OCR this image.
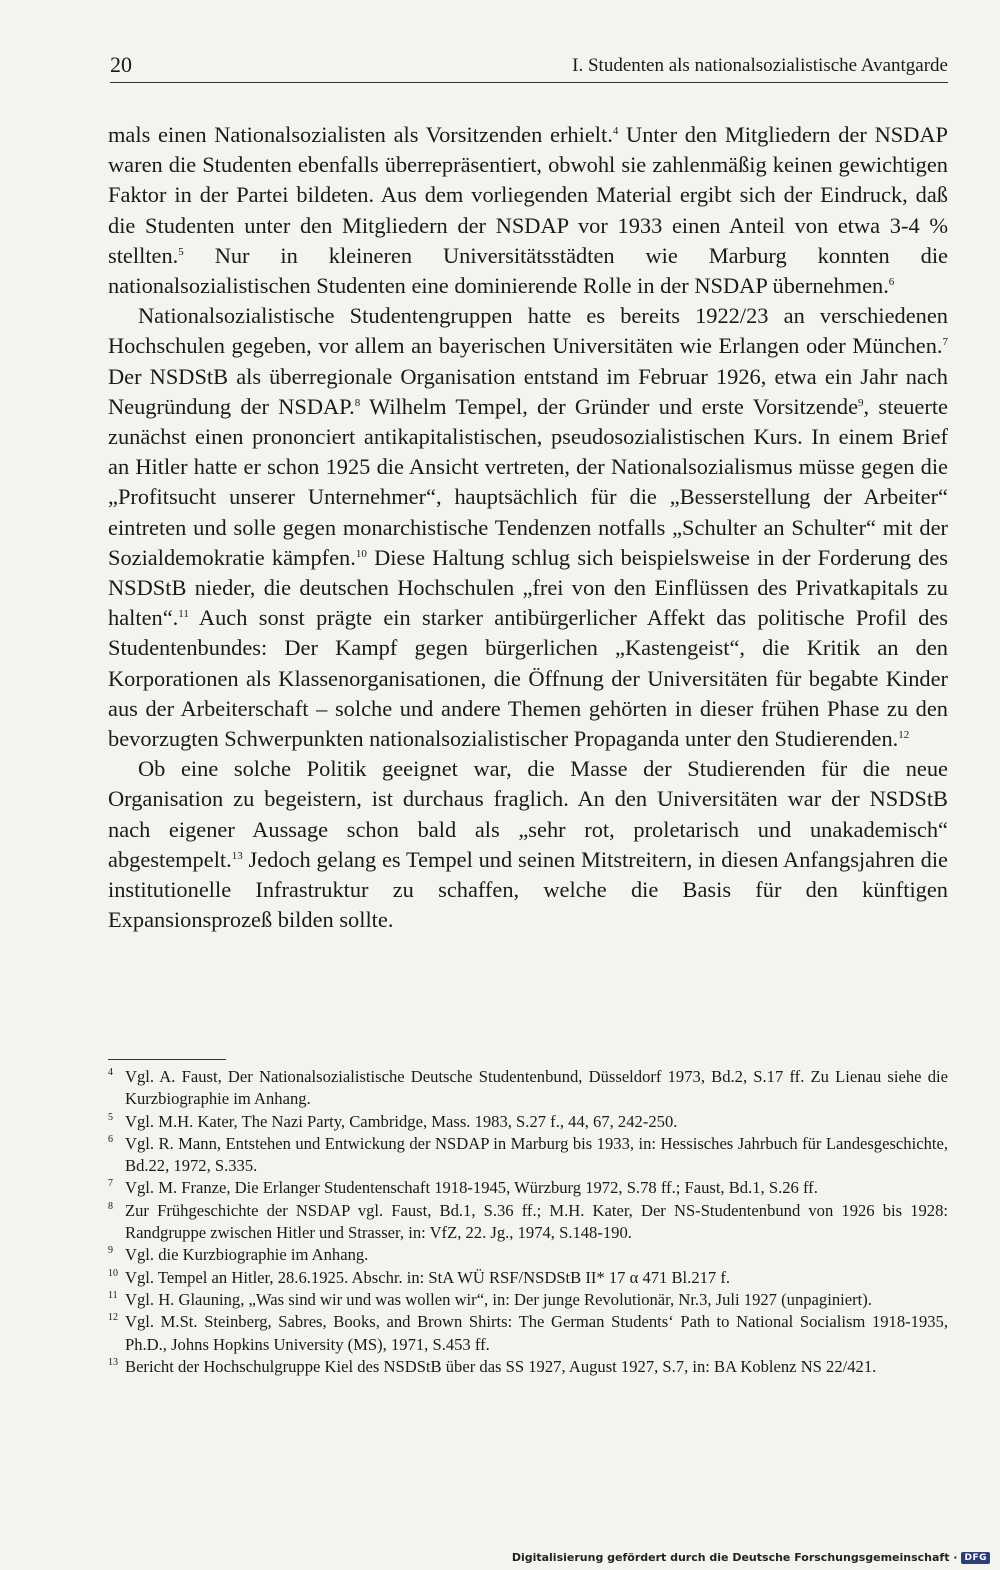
20	I. Studenten als nationalsozialistische Avantgarde

mals einen Nationalsozialisten als Vorsitzenden erhielt.$^4$ Unter den Mitgliedern der NSDAP waren die Studenten ebenfalls überrepräsentiert, obwohl sie zahlenmäßig keinen gewichtigen Faktor in der Partei bildeten. Aus dem vorliegenden Material ergibt sich der Eindruck, daß die Studenten unter den Mitgliedern der NSDAP vor 1933 einen Anteil von etwa 3-4 % stellten.$^5$ Nur in kleineren Universitätsstädten wie Marburg konnten die nationalsozialistischen Studenten eine dominierende Rolle in der NSDAP übernehmen.$^6$

Nationalsozialistische Studentengruppen hatte es bereits 1922/23 an verschiedenen Hochschulen gegeben, vor allem an bayerischen Universitäten wie Erlangen oder München.$^7$ Der NSDStB als überregionale Organisation entstand im Februar 1926, etwa ein Jahr nach Neugründung der NSDAP.$^8$ Wilhelm Tempel, der Gründer und erste Vorsitzende$^9$, steuerte zunächst einen prononciert antikapitalistischen, pseudosozialistischen Kurs. In einem Brief an Hitler hatte er schon 1925 die Ansicht vertreten, der Nationalsozialismus müsse gegen die „Profitsucht unserer Unternehmer“, hauptsächlich für die „Besserstellung der Arbeiter“ eintreten und solle gegen monarchistische Tendenzen notfalls „Schulter an Schulter“ mit der Sozialdemokratie kämpfen.$^{10}$ Diese Haltung schlug sich beispielsweise in der Forderung des NSDStB nieder, die deutschen Hochschulen „frei von den Einflüssen des Privatkapitals zu halten“.$^{11}$ Auch sonst prägte ein starker antibürgerlicher Affekt das politische Profil des Studentenbundes: Der Kampf gegen bürgerlichen „Kastengeist“, die Kritik an den Korporationen als Klassenorganisationen, die Öffnung der Universitäten für begabte Kinder aus der Arbeiterschaft – solche und andere Themen gehörten in dieser frühen Phase zu den bevorzugten Schwerpunkten nationalsozialistischer Propaganda unter den Studierenden.$^{12}$

Ob eine solche Politik geeignet war, die Masse der Studierenden für die neue Organisation zu begeistern, ist durchaus fraglich. An den Universitäten war der NSDStB nach eigener Aussage schon bald als „sehr rot, proletarisch und unakademisch“ abgestempelt.$^{13}$ Jedoch gelang es Tempel und seinen Mitstreitern, in diesen Anfangsjahren die institutionelle Infrastruktur zu schaffen, welche die Basis für den künftigen Expansionsprozeß bilden sollte.

4 Vgl. A. Faust, Der Nationalsozialistische Deutsche Studentenbund, Düsseldorf 1973, Bd.2, S.17 ff. Zu Lienau siehe die Kurzbiographie im Anhang.
5 Vgl. M.H. Kater, The Nazi Party, Cambridge, Mass. 1983, S.27 f., 44, 67, 242-250.
6 Vgl. R. Mann, Entstehen und Entwickung der NSDAP in Marburg bis 1933, in: Hessisches Jahrbuch für Landesgeschichte, Bd.22, 1972, S.335.
7 Vgl. M. Franze, Die Erlanger Studentenschaft 1918-1945, Würzburg 1972, S.78 ff.; Faust, Bd.1, S.26 ff.
8 Zur Frühgeschichte der NSDAP vgl. Faust, Bd.1, S.36 ff.; M.H. Kater, Der NS-Studentenbund von 1926 bis 1928: Randgruppe zwischen Hitler und Strasser, in: VfZ, 22. Jg., 1974, S.148-190.
9 Vgl. die Kurzbiographie im Anhang.
10 Vgl. Tempel an Hitler, 28.6.1925. Abschr. in: StA WÜ RSF/NSDStB II* 17 α 471 Bl.217 f.
11 Vgl. H. Glauning, „Was sind wir und was wollen wir“, in: Der junge Revolutionär, Nr.3, Juli 1927 (unpaginiert).
12 Vgl. M.St. Steinberg, Sabres, Books, and Brown Shirts: The German Students‘ Path to National Socialism 1918-1935, Ph.D., Johns Hopkins University (MS), 1971, S.453 ff.
13 Bericht der Hochschulgruppe Kiel des NSDStB über das SS 1927, August 1927, S.7, in: BA Koblenz NS 22/421.
Digitalisierung gefördert durch die Deutsche Forschungsgemeinschaft · DFG
